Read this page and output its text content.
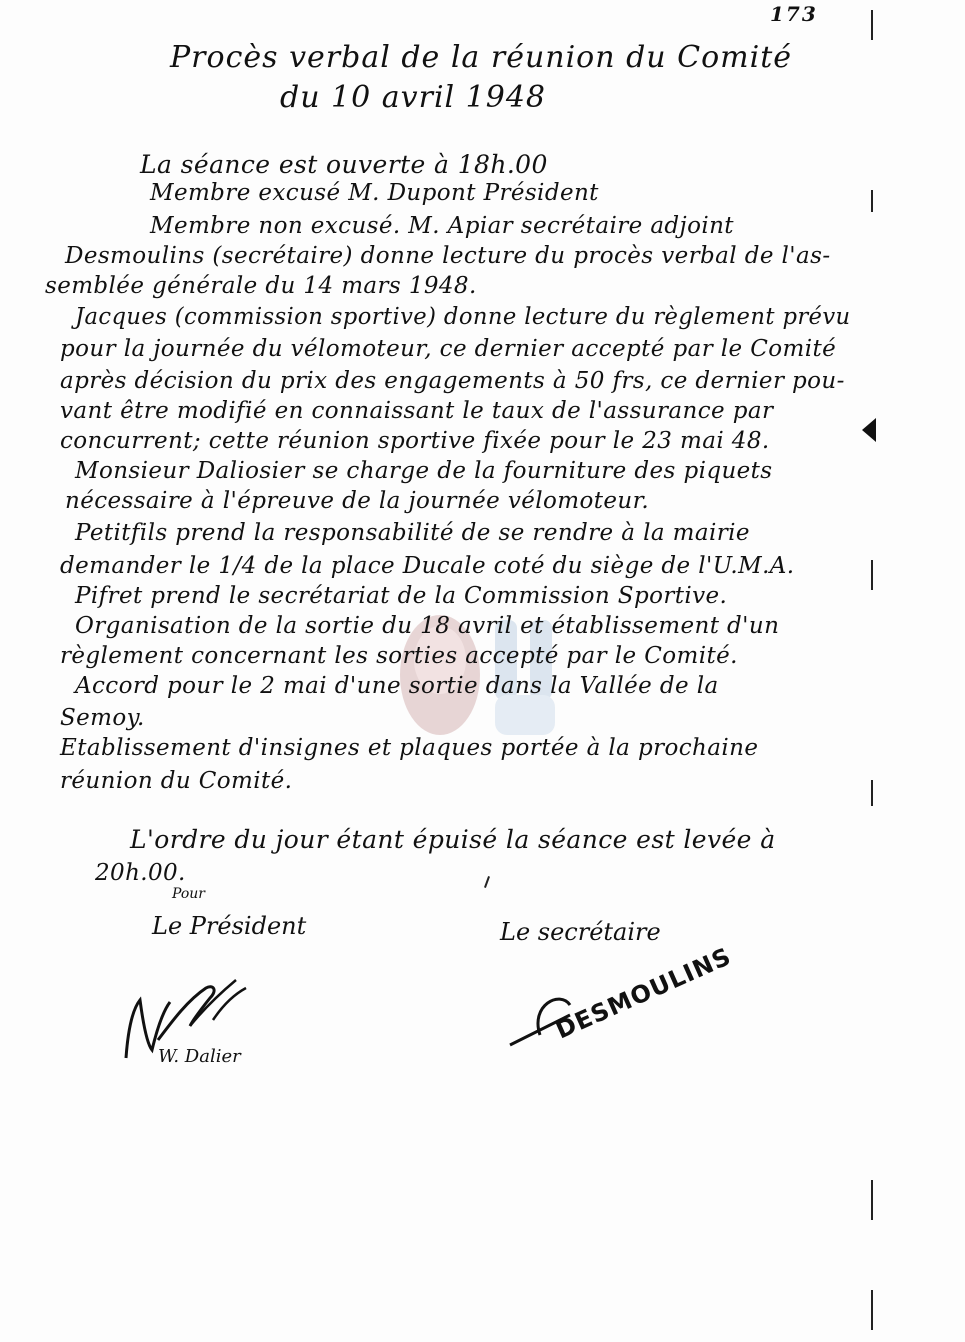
173
Procès verbal de la réunion du Comité
du 10 avril 1948
La séance est ouverte à 18h.00
Membre excusé M. Dupont Président
Membre non excusé. M. Apiar secrétaire adjoint
Desmoulins (secrétaire) donne lecture du procès verbal de l'as-
semblée générale du 14 mars 1948.
Jacques (commission sportive) donne lecture du règlement prévu
pour la journée du vélomoteur, ce dernier accepté par le Comité
après décision du prix des engagements à 50 frs, ce dernier pou-
vant être modifié en connaissant le taux de l'assurance par
concurrent; cette réunion sportive fixée pour le 23 mai 48.
Monsieur Daliosier se charge de la fourniture des piquets
nécessaire à l'épreuve de la journée vélomoteur.
Petitfils prend la responsabilité de se rendre à la mairie
demander le 1/4 de la place Ducale coté du siège de l'U.M.A.
Pifret prend le secrétariat de la Commission Sportive.
Organisation de la sortie du 18 avril et établissement d'un
règlement concernant les sorties accepté par le Comité.
Accord pour le 2 mai d'une sortie dans la Vallée de la
Semoy.
Etablissement d'insignes et plaques portée à la prochaine
réunion du Comité.
L'ordre du jour étant épuisé la séance est levée à
20h.00.
Pour
Le Président	Le secrétaire
W. Dalier
DESMOULINS
